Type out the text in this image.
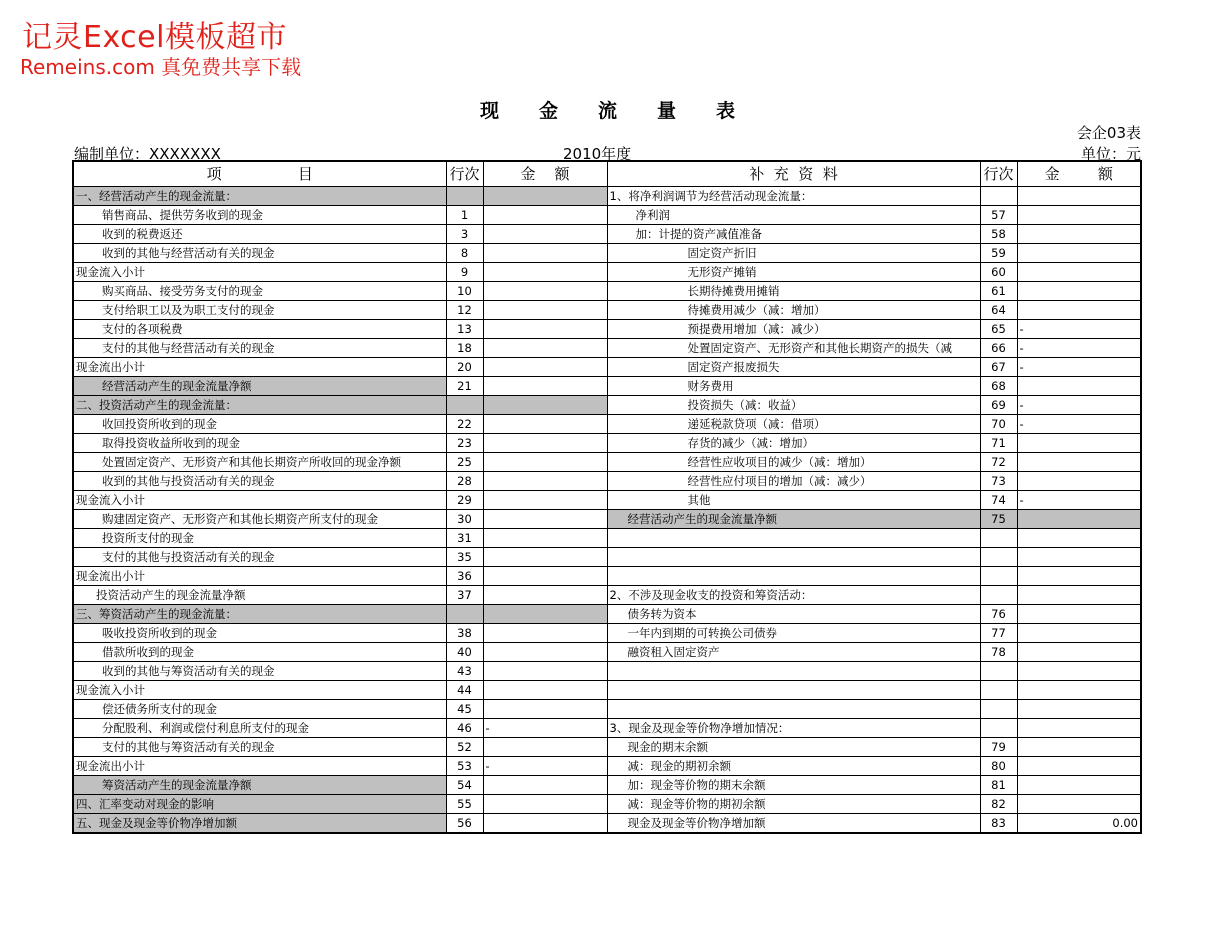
记灵Excel模板超市
Remeins.com 真免费共享下载
现 金 流 量 表
会企03表
编制单位：XXXXXXX	2010年度	单位：元
项                目	行次	金    额	补  充  资  料	行次	金        额
一、经营活动产生的现金流量：			1、将净利润调节为经营活动现金流量：		
销售商品、提供劳务收到的现金	1		净利润	57	
收到的税费返还	3		加：计提的资产减值准备	58	
收到的其他与经营活动有关的现金	8		固定资产折旧	59	
现金流入小计	9		无形资产摊销	60	
购买商品、接受劳务支付的现金	10		长期待摊费用摊销	61	
支付给职工以及为职工支付的现金	12		待摊费用减少（减：增加）	64	
支付的各项税费	13		预提费用增加（减：减少）	65	-
支付的其他与经营活动有关的现金	18		处置固定资产、无形资产和其他长期资产的损失（减	66	-
现金流出小计	20		固定资产报废损失	67	-
经营活动产生的现金流量净额	21		财务费用	68	
二、投资活动产生的现金流量：			投资损失（减：收益）	69	-
收回投资所收到的现金	22		递延税款贷项（减：借项）	70	-
取得投资收益所收到的现金	23		存货的减少（减：增加）	71	
处置固定资产、无形资产和其他长期资产所收回的现金净额	25		经营性应收项目的减少（减：增加）	72	
收到的其他与投资活动有关的现金	28		经营性应付项目的增加（减：减少）	73	
现金流入小计	29		其他	74	-
购建固定资产、无形资产和其他长期资产所支付的现金	30		经营活动产生的现金流量净额	75	
投资所支付的现金	31				
支付的其他与投资活动有关的现金	35				
现金流出小计	36				
投资活动产生的现金流量净额	37		2、不涉及现金收支的投资和筹资活动：		
三、筹资活动产生的现金流量：			债务转为资本	76	
吸收投资所收到的现金	38		一年内到期的可转换公司债券	77	
借款所收到的现金	40		融资租入固定资产	78	
收到的其他与筹资活动有关的现金	43				
现金流入小计	44				
偿还债务所支付的现金	45				
分配股利、利润或偿付利息所支付的现金	46	-	3、现金及现金等价物净增加情况：		
支付的其他与筹资活动有关的现金	52		现金的期末余额	79	
现金流出小计	53	-	减：现金的期初余额	80	
筹资活动产生的现金流量净额	54		加：现金等价物的期末余额	81	
四、汇率变动对现金的影响	55		减：现金等价物的期初余额	82	
五、现金及现金等价物净增加额	56		现金及现金等价物净增加额	83	0.00
